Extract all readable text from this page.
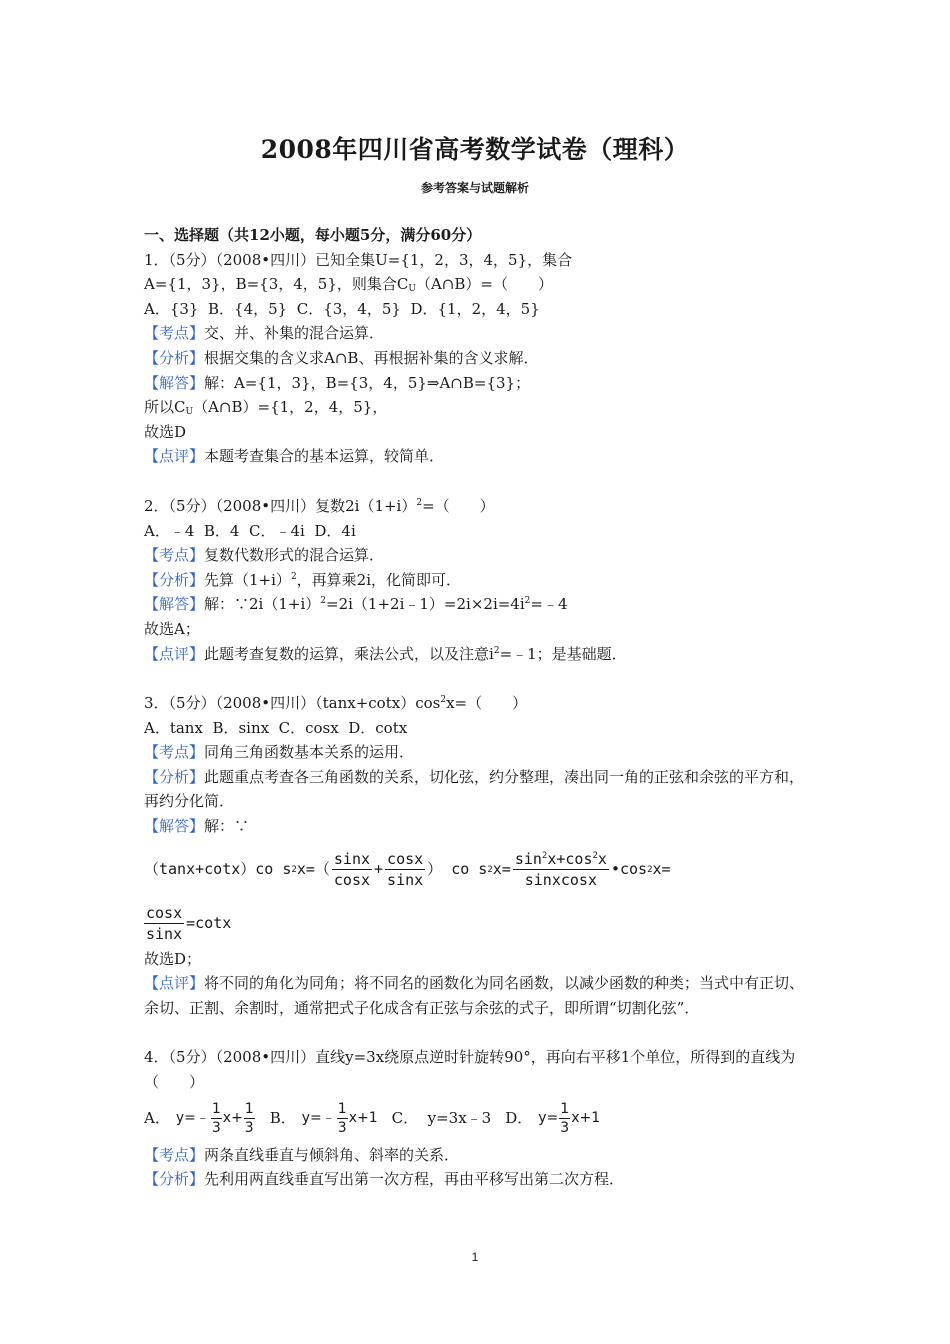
2008年四川省高考数学试卷（理科）
参考答案与试题解析
一、选择题（共12小题，每小题5分，满分60分）
1．（5分）（2008•四川）已知全集U={1，2，3，4，5}，集合
A={1，3}，B={3，4，5}，则集合$C_U(A\cap B)=$（　　）
A．{3}  B．{4，5}  C．{3，4，5}  D．{1，2，4，5}
【考点】交、并、补集的混合运算．
【分析】根据交集的含义求A∩B、再根据补集的含义求解．
【解答】解：A={1，3}，B={3，4，5}⇒A∩B={3}；
所以$C_U(A\cap B)=\{1$，2，4，5}，
故选D
【点评】本题考查集合的基本运算，较简单．
2．（5分）（2008•四川）复数$2i(1+i)^2=$（　　）
A．﹣4  B．4  C．﹣4i  D．4i
【考点】复数代数形式的混合运算．
【分析】先算$(1+i)^2$，再算乘2i，化简即可．
【解答】解：$\because 2i(1+i)^2=2i(1+2i﹣1)=2i\times 2i=4i^2=﹣4$
故选A；
【点评】此题考查复数的运算，乘法公式，以及注意$i^2=﹣1$；是基础题．
3．（5分）（2008•四川）$(\tan x+\cot x)\cos^2x=$（　　）
A．tanx  B．sinx  C．cosx  D．cotx
【考点】同角三角函数基本关系的运用．
【分析】此题重点考查各三角函数的关系，切化弦，约分整理，凑出同一角的正弦和余弦的平方和，再约分化简．
【解答】解：∵
（tanx+cotx）co s 2 $x=( \frac{\sin x}{\cos x} + \frac{\cos x}{\sin x}$ ） co s 2 $x= \frac{\sin^2x+\cos^2x}{\text{sinxcosx}}$ •cos 2 x=
$\frac{\cos x}{\sin x} =\cot x$
故选D；
【点评】将不同的角化为同角；将不同名的函数化为同名函数，以减少函数的种类；当式中有正切、余切、正割、余割时，通常把式子化成含有正弦与余弦的式子，即所谓“切割化弦”．
4．（5分）（2008•四川）直线y=3x绕原点逆时针旋转90°，再向右平移1个单位，所得到的直线为（　　）
A． y=﹣ $\frac{1}{3} x+ \frac{1}{3}$ B． y=﹣ $\frac{1}{3} x+1$ C．  y=3x﹣3 D． $y= \frac{1}{3} x+1$
【考点】两条直线垂直与倾斜角、斜率的关系．
【分析】先利用两直线垂直写出第一次方程，再由平移写出第二次方程．
1
